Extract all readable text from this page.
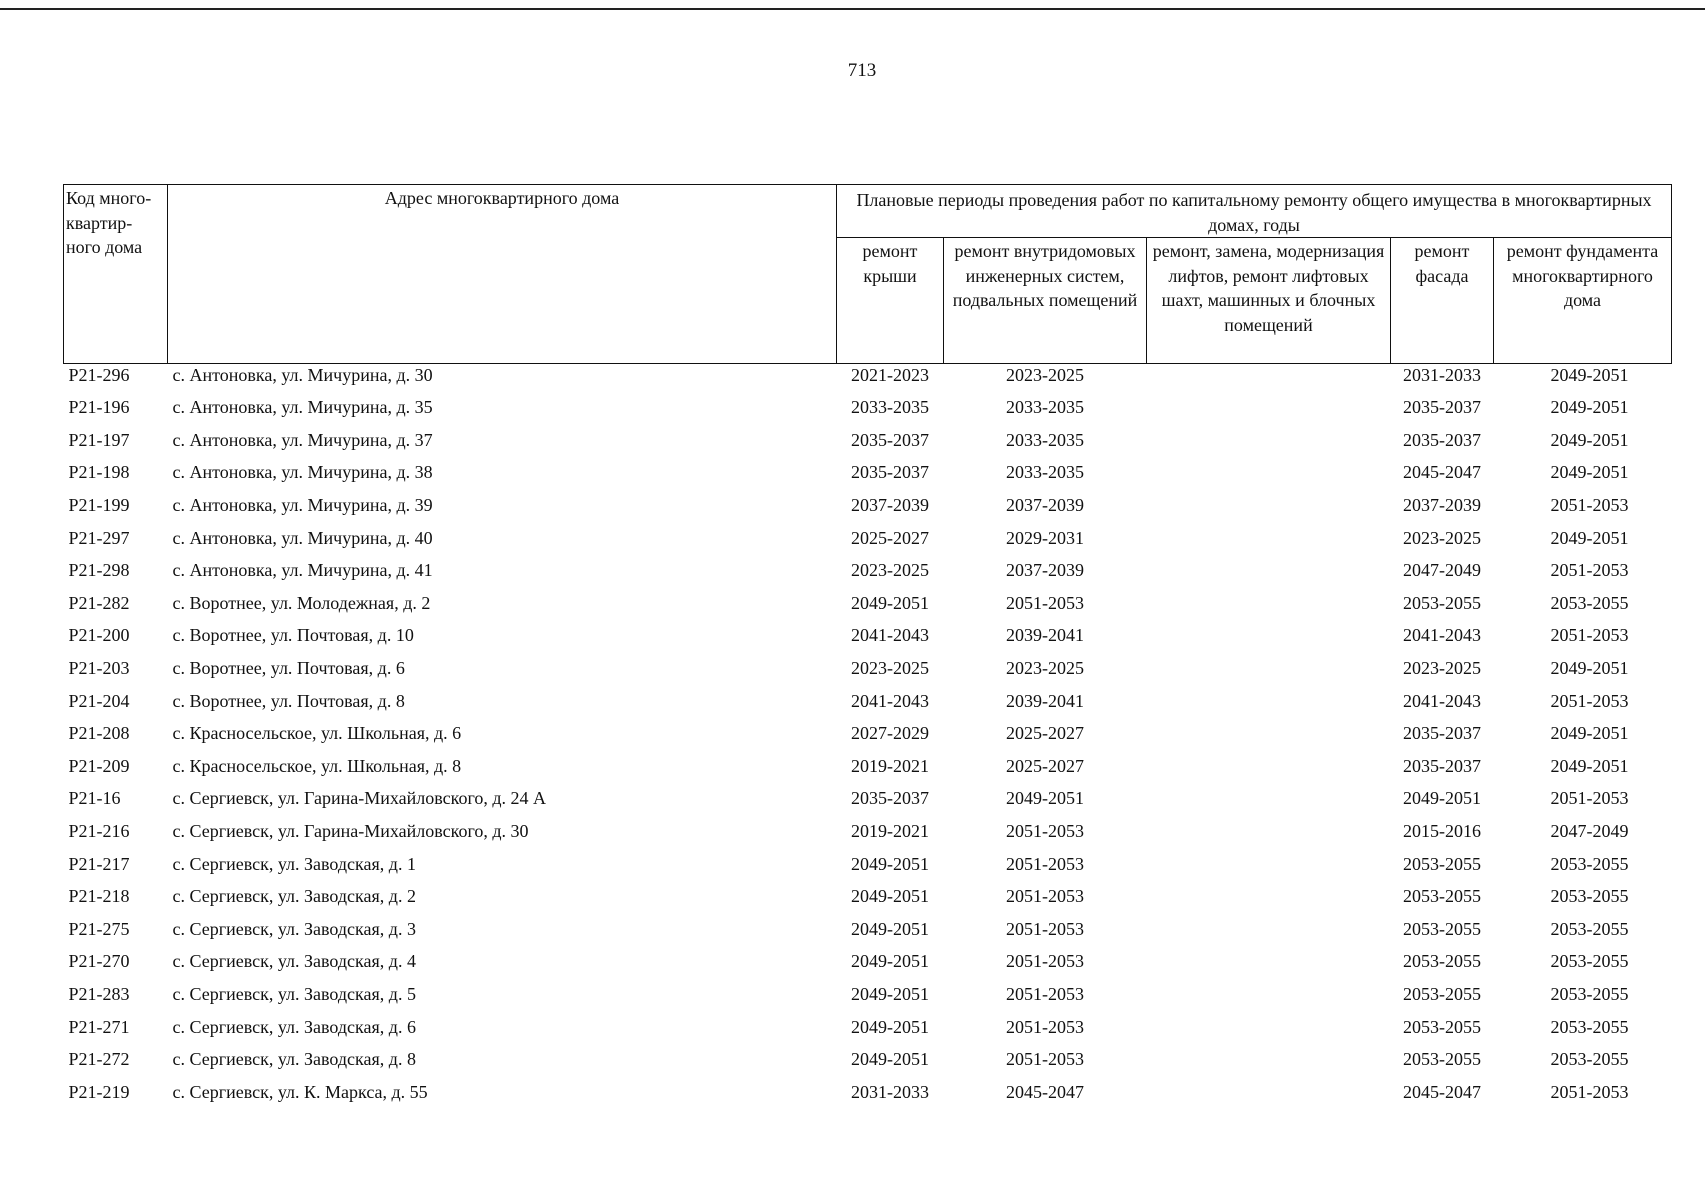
713
Код много-квартир-ного дома	Адрес многоквартирного дома	Плановые периоды проведения работ по капитальному ремонту общего имущества в многоквартирных домах, годы				
		ремонт крыши	ремонт внутридомовых инженерных систем, подвальных помещений	ремонт, замена, модернизация лифтов, ремонт лифтовых шахт, машинных и блочных помещений	ремонт фасада	ремонт фундамента многоквартирного дома
Р21-296	с. Антоновка, ул. Мичурина, д. 30	2021-2023	2023-2025		2031-2033	2049-2051
Р21-196	с. Антоновка, ул. Мичурина, д. 35	2033-2035	2033-2035		2035-2037	2049-2051
Р21-197	с. Антоновка, ул. Мичурина, д. 37	2035-2037	2033-2035		2035-2037	2049-2051
Р21-198	с. Антоновка, ул. Мичурина, д. 38	2035-2037	2033-2035		2045-2047	2049-2051
Р21-199	с. Антоновка, ул. Мичурина, д. 39	2037-2039	2037-2039		2037-2039	2051-2053
Р21-297	с. Антоновка, ул. Мичурина, д. 40	2025-2027	2029-2031		2023-2025	2049-2051
Р21-298	с. Антоновка, ул. Мичурина, д. 41	2023-2025	2037-2039		2047-2049	2051-2053
Р21-282	с. Воротнее, ул. Молодежная, д. 2	2049-2051	2051-2053		2053-2055	2053-2055
Р21-200	с. Воротнее, ул. Почтовая, д. 10	2041-2043	2039-2041		2041-2043	2051-2053
Р21-203	с. Воротнее, ул. Почтовая, д. 6	2023-2025	2023-2025		2023-2025	2049-2051
Р21-204	с. Воротнее, ул. Почтовая, д. 8	2041-2043	2039-2041		2041-2043	2051-2053
Р21-208	с. Красносельское, ул. Школьная, д. 6	2027-2029	2025-2027		2035-2037	2049-2051
Р21-209	с. Красносельское, ул. Школьная, д. 8	2019-2021	2025-2027		2035-2037	2049-2051
Р21-16	с. Сергиевск, ул. Гарина-Михайловского, д. 24 А	2035-2037	2049-2051		2049-2051	2051-2053
Р21-216	с. Сергиевск, ул. Гарина-Михайловского, д. 30	2019-2021	2051-2053		2015-2016	2047-2049
Р21-217	с. Сергиевск, ул. Заводская, д. 1	2049-2051	2051-2053		2053-2055	2053-2055
Р21-218	с. Сергиевск, ул. Заводская, д. 2	2049-2051	2051-2053		2053-2055	2053-2055
Р21-275	с. Сергиевск, ул. Заводская, д. 3	2049-2051	2051-2053		2053-2055	2053-2055
Р21-270	с. Сергиевск, ул. Заводская, д. 4	2049-2051	2051-2053		2053-2055	2053-2055
Р21-283	с. Сергиевск, ул. Заводская, д. 5	2049-2051	2051-2053		2053-2055	2053-2055
Р21-271	с. Сергиевск, ул. Заводская, д. 6	2049-2051	2051-2053		2053-2055	2053-2055
Р21-272	с. Сергиевск, ул. Заводская, д. 8	2049-2051	2051-2053		2053-2055	2053-2055
Р21-219	с. Сергиевск, ул. К. Маркса, д. 55	2031-2033	2045-2047		2045-2047	2051-2053
